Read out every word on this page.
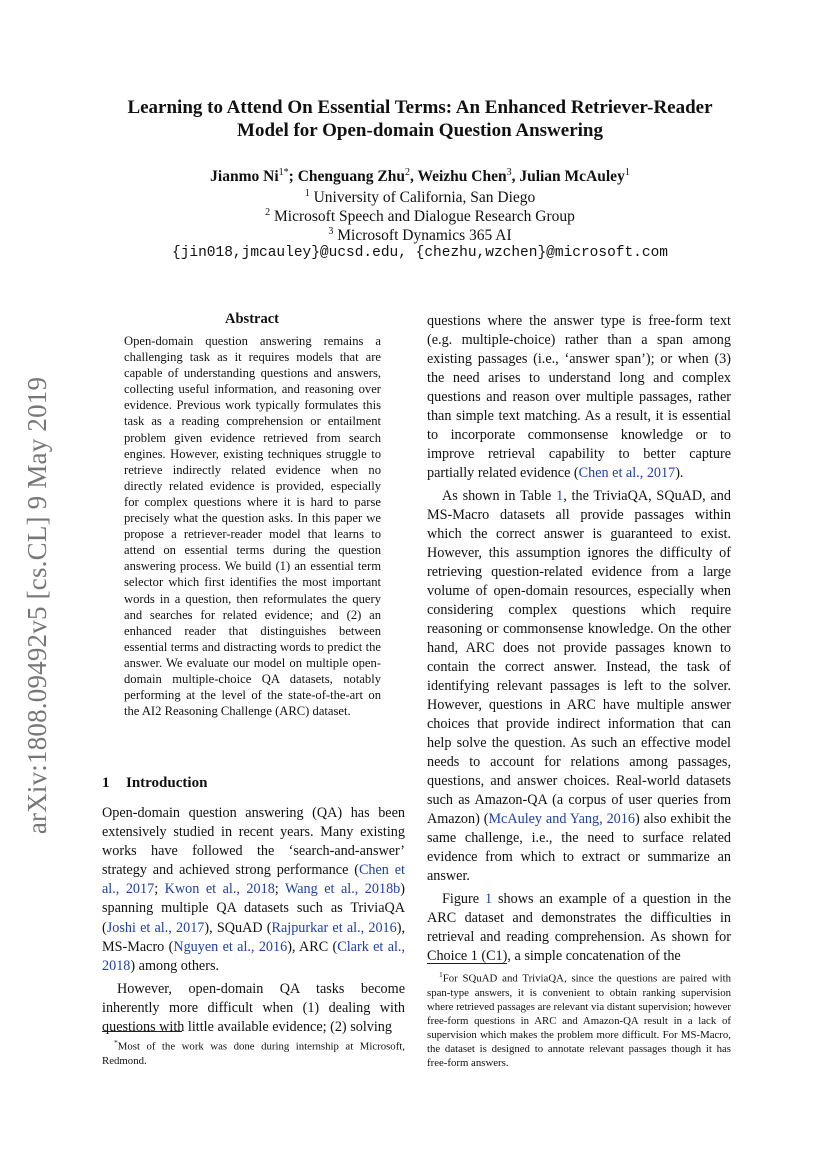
arXiv:1808.09492v5 [cs.CL] 9 May 2019
Learning to Attend On Essential Terms: An Enhanced Retriever-Reader
Model for Open-domain Question Answering
Jianmo $Ni^{1*}$; Chenguang Zhu$^2$, Weizhu Chen$^3$, Julian McAuley$^1$
$^1$ University of California, San Diego
$^2$ Microsoft Speech and Dialogue Research Group
$^3$ Microsoft Dynamics 365 AI
{jin018,jmcauley}@ucsd.edu, {chezhu,wzchen}@microsoft.com
Abstract

Open-domain question answering remains a challenging task as it requires models that are capable of understanding questions and answers, collecting useful information, and reasoning over evidence. Previous work typically formulates this task as a reading comprehension or entailment problem given evidence retrieved from search engines. However, existing techniques struggle to retrieve indirectly related evidence when no directly related evidence is provided, especially for complex questions where it is hard to parse precisely what the question asks. In this paper we propose a retriever-reader model that learns to attend on essential terms during the question answering process. We build (1) an essential term selector which first identifies the most important words in a question, then reformulates the query and searches for related evidence; and (2) an enhanced reader that distinguishes between essential terms and distracting words to predict the answer. We evaluate our model on multiple open-domain multiple-choice QA datasets, notably performing at the level of the state-of-the-art on the AI2 Reasoning Challenge (ARC) dataset.

1 Introduction

Open-domain question answering (QA) has been extensively studied in recent years. Many existing works have followed the ‘search-and-answer’ strategy and achieved strong performance (Chen et al., 2017; Kwon et al., 2018; Wang et al., 2018b) spanning multiple QA datasets such as TriviaQA (Joshi et al., 2017), SQuAD (Rajpurkar et al., 2016), MS-Macro (Nguyen et al., 2016), ARC (Clark et al., 2018) among others.

However, open-domain QA tasks become inherently more difficult when (1) dealing with questions with little available evidence; (2) solving

*Most of the work was done during internship at Microsoft, Redmond.

questions where the answer type is free-form text (e.g. multiple-choice) rather than a span among existing passages (i.e., ‘answer span’); or when (3) the need arises to understand long and complex questions and reason over multiple passages, rather than simple text matching. As a result, it is essential to incorporate commonsense knowledge or to improve retrieval capability to better capture partially related evidence (Chen et al., 2017).

As shown in Table 1, the TriviaQA, SQuAD, and MS-Macro datasets all provide passages within which the correct answer is guaranteed to exist. However, this assumption ignores the difficulty of retrieving question-related evidence from a large volume of open-domain resources, especially when considering complex questions which require reasoning or commonsense knowledge. On the other hand, ARC does not provide passages known to contain the correct answer. Instead, the task of identifying relevant passages is left to the solver. However, questions in ARC have multiple answer choices that provide indirect information that can help solve the question. As such an effective model needs to account for relations among passages, questions, and answer choices. Real-world datasets such as Amazon-QA (a corpus of user queries from Amazon) (McAuley and Yang, 2016) also exhibit the same challenge, i.e., the need to surface related evidence from which to extract or summarize an answer.

Figure 1 shows an example of a question in the ARC dataset and demonstrates the difficulties in retrieval and reading comprehension. As shown for Choice 1 (C1), a simple concatenation of the

$^1$For SQuAD and TriviaQA, since the questions are paired with span-type answers, it is convenient to obtain ranking supervision where retrieved passages are relevant via distant supervision; however free-form questions in ARC and Amazon-QA result in a lack of supervision which makes the problem more difficult. For MS-Macro, the dataset is designed to annotate relevant passages though it has free-form answers.
